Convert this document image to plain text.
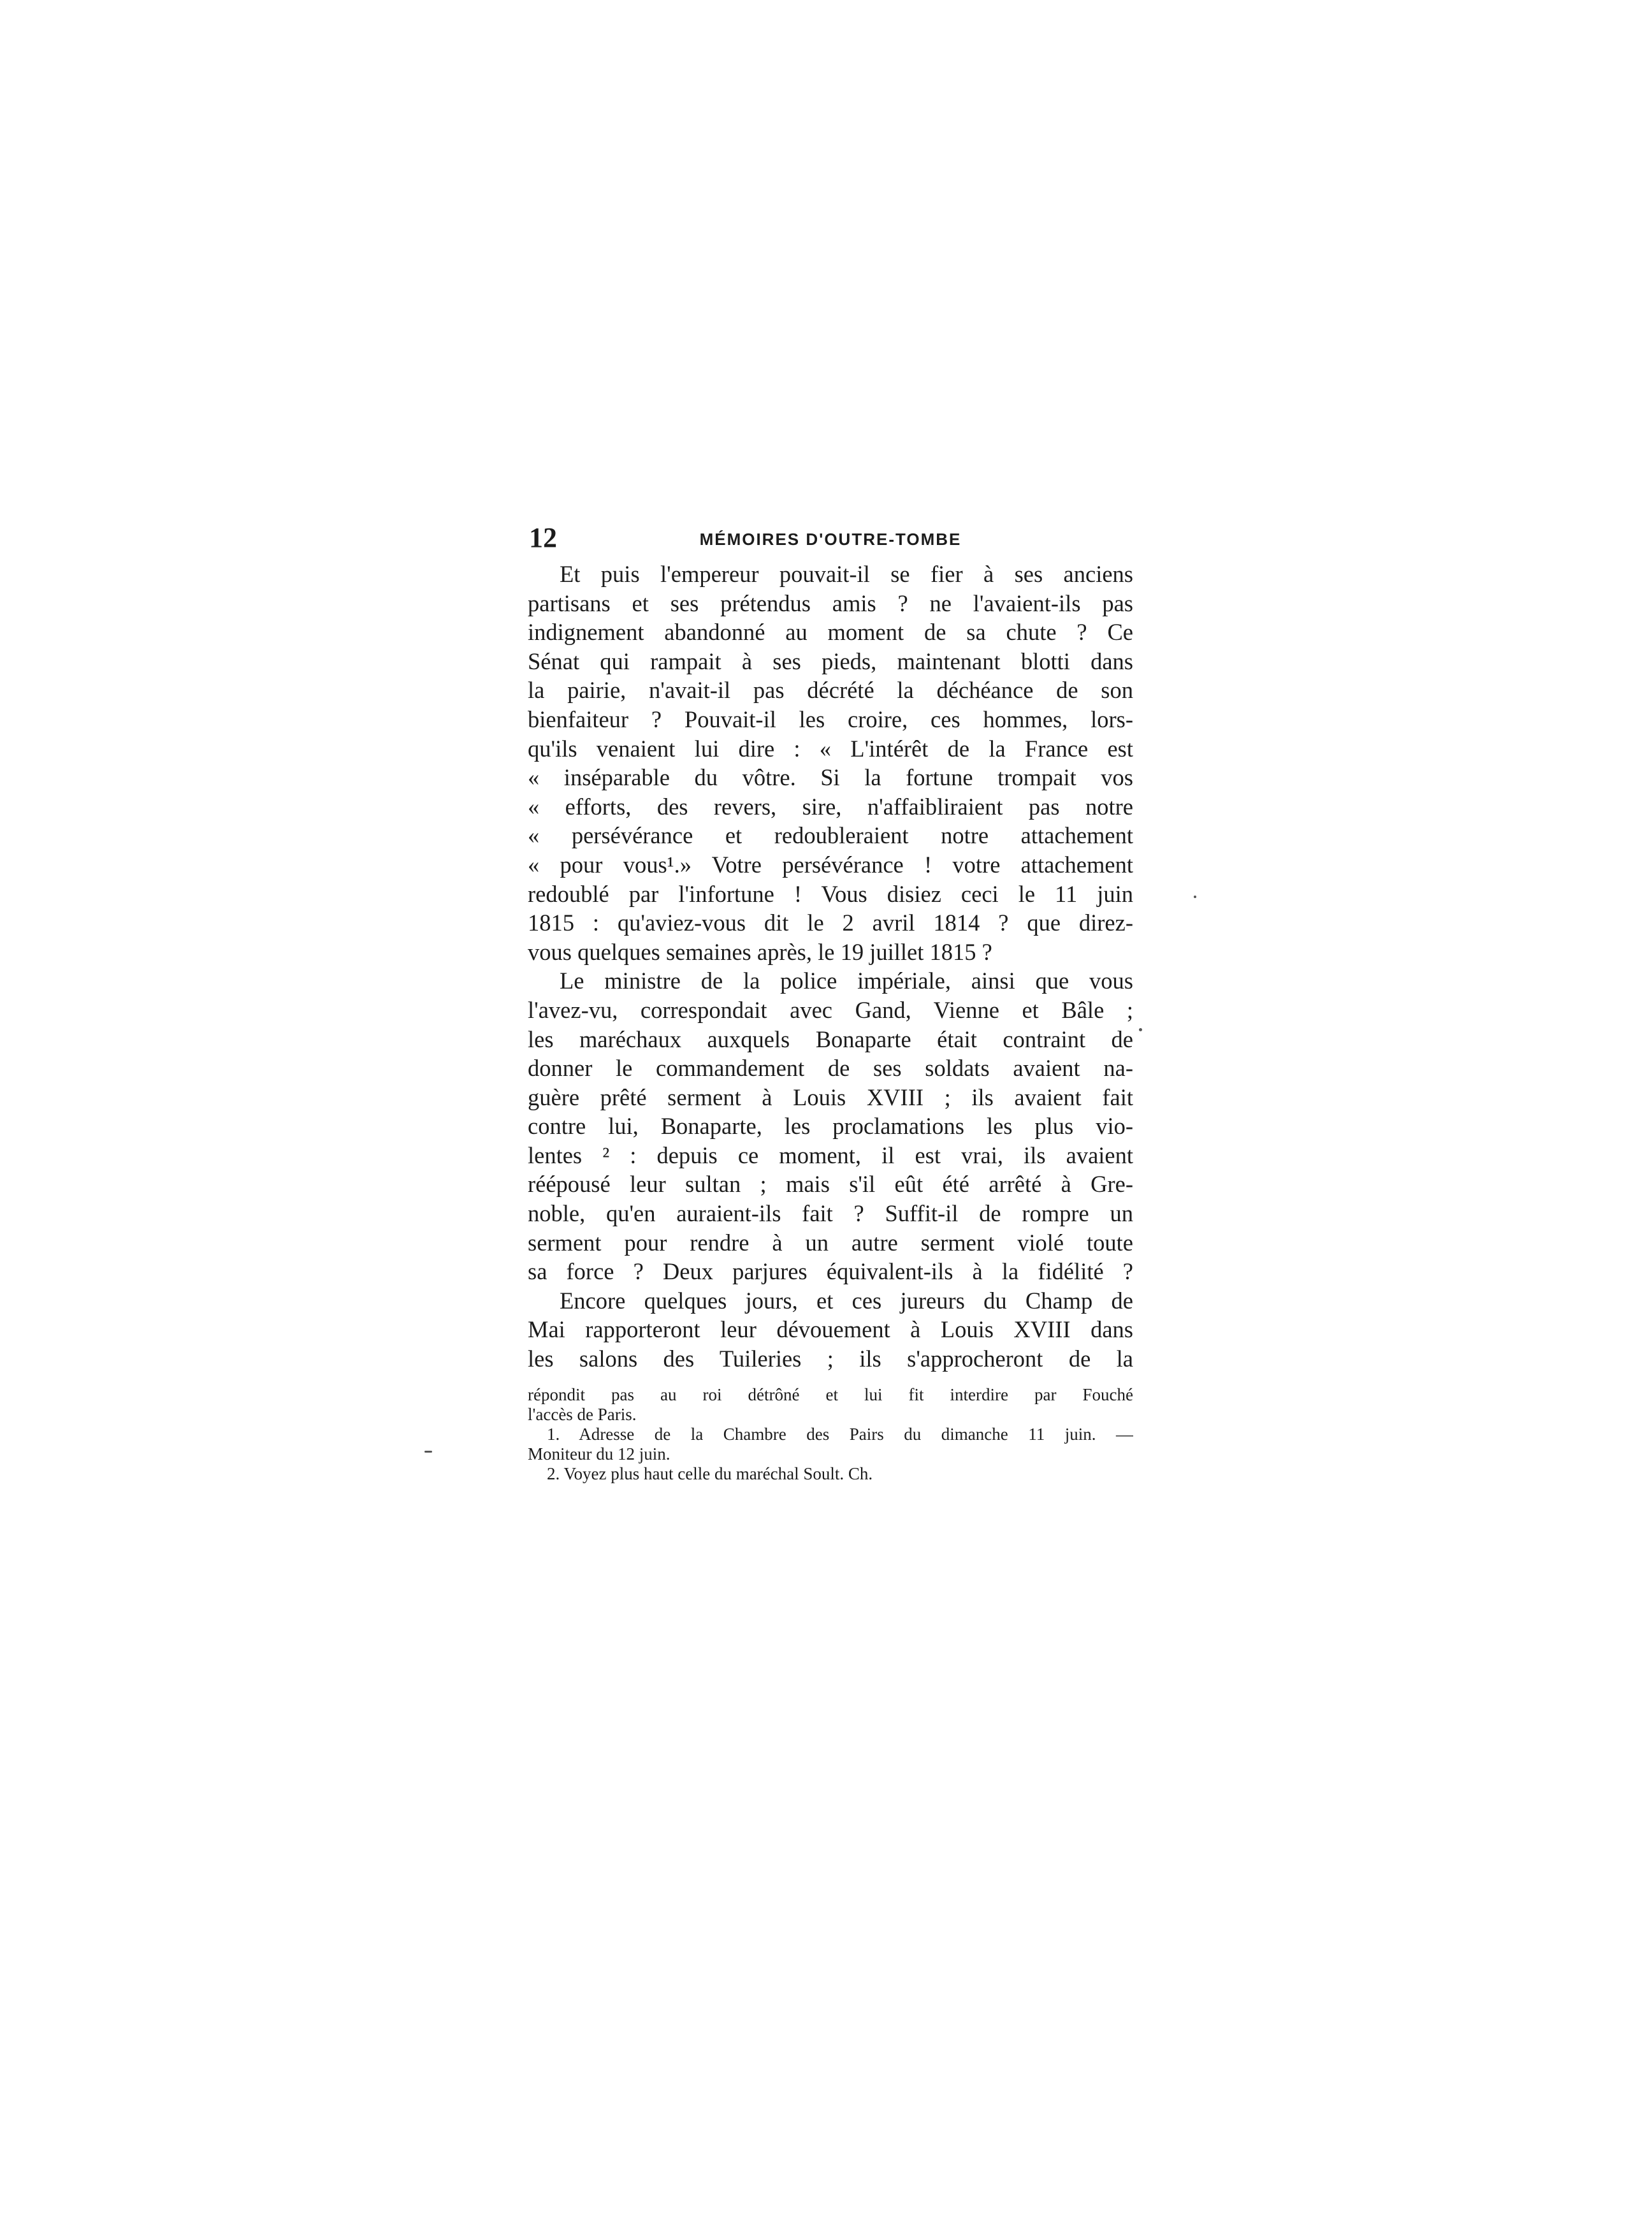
12	MÉMOIRES D'OUTRE-TOMBE
Et puis l'empereur pouvait-il se fier à ses anciens
partisans et ses prétendus amis ? ne l'avaient-ils pas
indignement abandonné au moment de sa chute ? Ce
Sénat qui rampait à ses pieds, maintenant blotti dans
la pairie, n'avait-il pas décrété la déchéance de son
bienfaiteur ? Pouvait-il les croire, ces hommes, lors-
qu'ils venaient lui dire : « L'intérêt de la France est
« inséparable du vôtre. Si la fortune trompait vos
« efforts, des revers, sire, n'affaibliraient pas notre
« persévérance et redoubleraient notre attachement
« pour vous¹.» Votre persévérance ! votre attachement
redoublé par l'infortune ! Vous disiez ceci le 11 juin
1815 : qu'aviez-vous dit le 2 avril 1814 ? que direz-
vous quelques semaines après, le 19 juillet 1815 ?
Le ministre de la police impériale, ainsi que vous
l'avez-vu, correspondait avec Gand, Vienne et Bâle ;
les maréchaux auxquels Bonaparte était contraint de
donner le commandement de ses soldats avaient na-
guère prêté serment à Louis XVIII ; ils avaient fait
contre lui, Bonaparte, les proclamations les plus vio-
lentes ² : depuis ce moment, il est vrai, ils avaient
réépousé leur sultan ; mais s'il eût été arrêté à Gre-
noble, qu'en auraient-ils fait ? Suffit-il de rompre un
serment pour rendre à un autre serment violé toute
sa force ? Deux parjures équivalent-ils à la fidélité ?
Encore quelques jours, et ces jureurs du Champ de
Mai rapporteront leur dévouement à Louis XVIII dans
les salons des Tuileries ; ils s'approcheront de la
répondit pas au roi détrôné et lui fit interdire par Fouché
l'accès de Paris.
1. Adresse de la Chambre des Pairs du dimanche 11 juin. —
Moniteur du 12 juin.
2. Voyez plus haut celle du maréchal Soult. Ch.
